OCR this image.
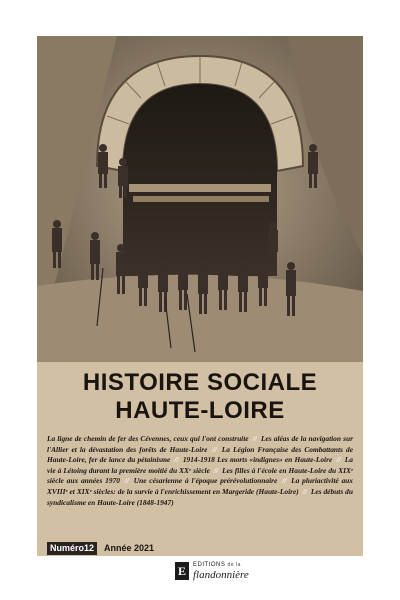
HISTOIRE SOCIALE
HAUTE-LOIRE

La ligne de chemin de fer des Cévennes, ceux qui l'ont construite // Les aléas de la navigation sur l'Allier et la dévastation des forêts de Haute-Loire // La Légion Française des Combattants de Haute-Loire, fer de lance du pétainisme // 1914-1918 Les morts «indignes» en Haute-Loire // La vie à Létoing durant la première moitié du XXᵉ siècle // Les filles à l'école en Haute-Loire du XIXᵉ siècle aux années 1970 // Une césarienne à l'époque prérévolutionnaire // La pluriactivité aux XVIIIᵉ et XIXᵉ siècles: de la survie à l'enrichissement en Margeride (Haute-Loire) // Les débuts du syndicalisme en Haute-Loire (1848-1947)

Numéro12	Année 2021
E	EDITIONS de la
flandonnière
